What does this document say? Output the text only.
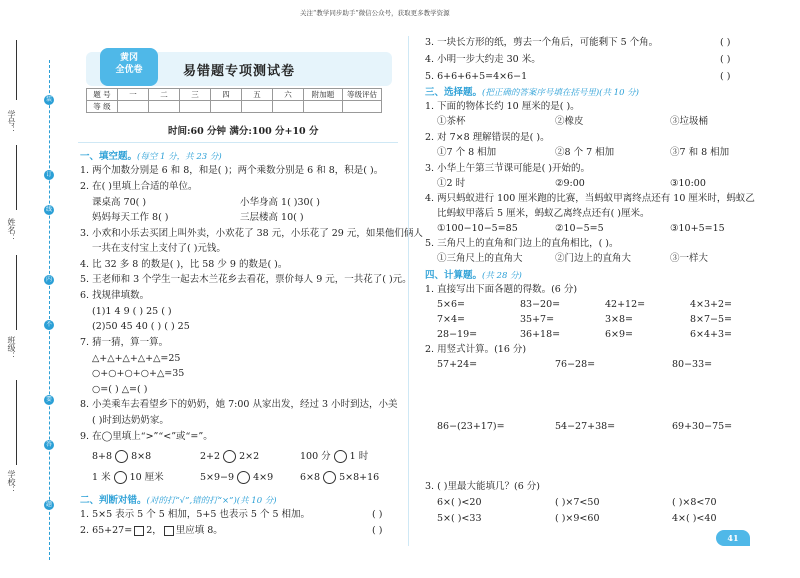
关注“教学同步助手”微信公众号，获取更多教学资源
学号：
姓名：
班级：
学校：
装
订
线
内
不
要
答
题
黄冈
全优卷	易错题专项测试卷
题 号	一	二	三	四	五	六	附加题	等级评估
等 级								
时间:60 分钟 满分:100 分+10 分
一、填空题。(每空 1 分，共 23 分)
1. 两个加数分别是 6 和 8，和是( )；两个乘数分别是 6 和 8，积是( )。
2. 在( )里填上合适的单位。
课桌高 70( )	小华身高 1( )30( )
妈妈每天工作 8( )	三层楼高 10( )
3. 小欢和小乐去买团上叫外卖，小欢花了 38 元，小乐花了 29 元，如果他们俩人
一共在支付宝上支付了( )元钱。
4. 比 32 多 8 的数是( )，比 58 少 9 的数是( )。
5. 王老师和 3 个学生一起去木兰花乡去看花，票价每人 9 元，一共花了( )元。
6. 找规律填数。
(1)1 4 9 ( ) 25 ( )
(2)50 45 40 ( ) ( ) 25
7. 猜一猜，算一算。
△+△+△+△+△=25
○+○+○+○+△=35
○=( ) △=( )
8. 小美乘车去看望乡下的奶奶，她 7:00 从家出发，经过 3 小时到达，小美
( )时到达奶奶家。
9. 在◯里填上“>”“<”或“=”。
8+8 8×8	2+2 2×2	100 分 1 时
1 米 10 厘米	5×9−9 4×9	6×8 5×8+16
二、判断对错。(对的打“√”,错的打“×”)(共 10 分)
1. 5×5 表示 5 个 5 相加，5+5 也表示 5 个 5 相加。	( )
2. 65+27= 2， 里应填 8。	( )
3. 一块长方形的纸，剪去一个角后，可能剩下 5 个角。	( )
4. 小明一步大约走 30 米。	( )
5. 6+6+6+5=4×6−1	( )
三、选择题。(把正确的答案序号填在括号里)(共 10 分)
1. 下面的物体长约 10 厘米的是( )。
①茶杯	②橡皮	③垃圾桶
2. 对 7×8 理解错误的是( )。
①7 个 8 相加	②8 个 7 相加	③7 和 8 相加
3. 小华上午第三节课可能是( )开始的。
①2 时	②9:00	③10:00
4. 两只蚂蚁进行 100 厘米跑的比赛，当蚂蚁甲离终点还有 10 厘米时，蚂蚁乙
比蚂蚁甲落后 5 厘米，蚂蚁乙离终点还有( )厘米。
①100−10−5=85	②10−5=5	③10+5=15
5. 三角尺上的直角和门边上的直角相比，( )。
①三角尺上的直角大	②门边上的直角大	③一样大
四、计算题。(共 28 分)
1. 直接写出下面各题的得数。(6 分)
5×6=	83−20=	42+12=	4×3+2=
7×4=	35+7=	3×8=	8×7−5=
28−19=	36+18=	6×9=	6×4+3=
2. 用竖式计算。(16 分)
57+24=	76−28=	80−33=
86−(23+17)=	54−27+38=	69+30−75=
3. ( )里最大能填几？(6 分)
6×( )<20	( )×7<50	( )×8<70
5×( )<33	( )×9<60	4×( )<40
41
